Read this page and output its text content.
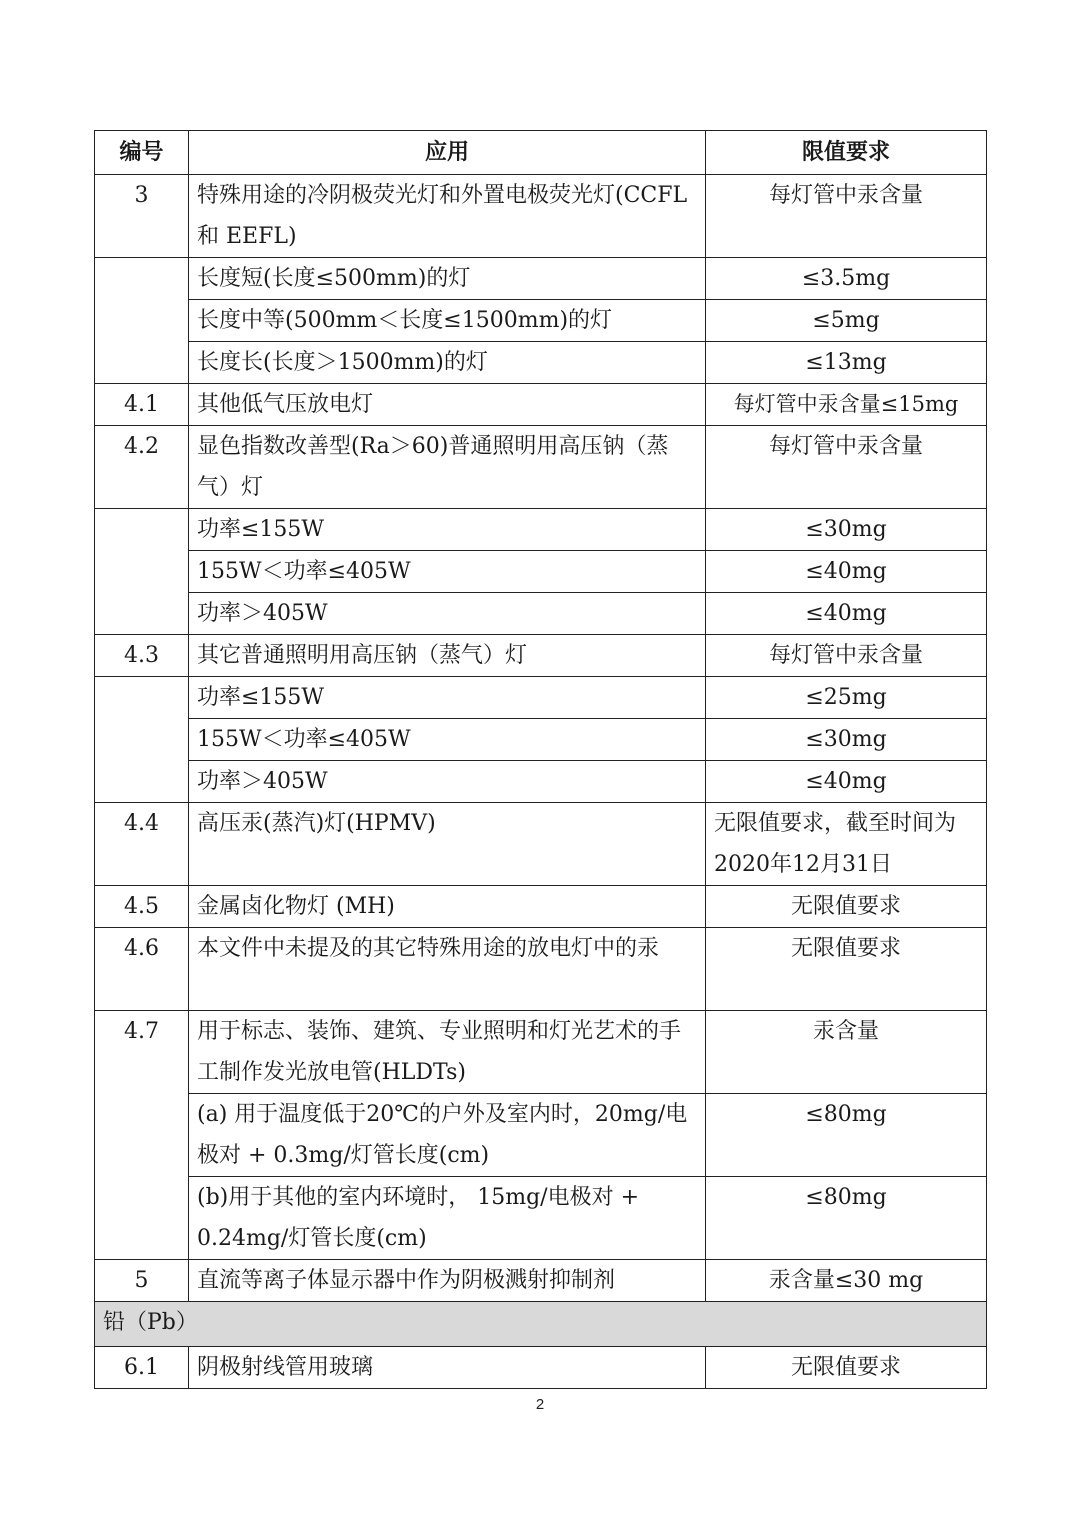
编号	应用	限值要求
3	特殊用途的冷阴极荧光灯和外置电极荧光灯(CCFL 和 EEFL)	每灯管中汞含量
	长度短(长度≤500mm)的灯	≤3.5mg
	长度中等(500mm＜长度≤1500mm)的灯	≤5mg
	长度长(长度＞1500mm)的灯	≤13mg
4.1	其他低气压放电灯	每灯管中汞含量≤15mg
4.2	显色指数改善型(Ra＞60)普通照明用高压钠（蒸气）灯	每灯管中汞含量
	功率≤155W	≤30mg
	155W＜功率≤405W	≤40mg
	功率＞405W	≤40mg
4.3	其它普通照明用高压钠（蒸气）灯	每灯管中汞含量
	功率≤155W	≤25mg
	155W＜功率≤405W	≤30mg
	功率＞405W	≤40mg
4.4	高压汞(蒸汽)灯(HPMV)	无限值要求，截至时间为2020年12月31日
4.5	金属卤化物灯 (MH)	无限值要求
4.6	本文件中未提及的其它特殊用途的放电灯中的汞	无限值要求
4.7	用于标志、装饰、建筑、专业照明和灯光艺术的手工制作发光放电管(HLDTs)	汞含量
	(a) 用于温度低于20℃的户外及室内时，20mg/电极对 + 0.3mg/灯管长度(cm)	≤80mg
	(b)用于其他的室内环境时， 15mg/电极对 + 0.24mg/灯管长度(cm)	≤80mg
5	直流等离子体显示器中作为阴极溅射抑制剂	汞含量≤30 mg
铅（Pb）		
6.1	阴极射线管用玻璃	无限值要求
2
